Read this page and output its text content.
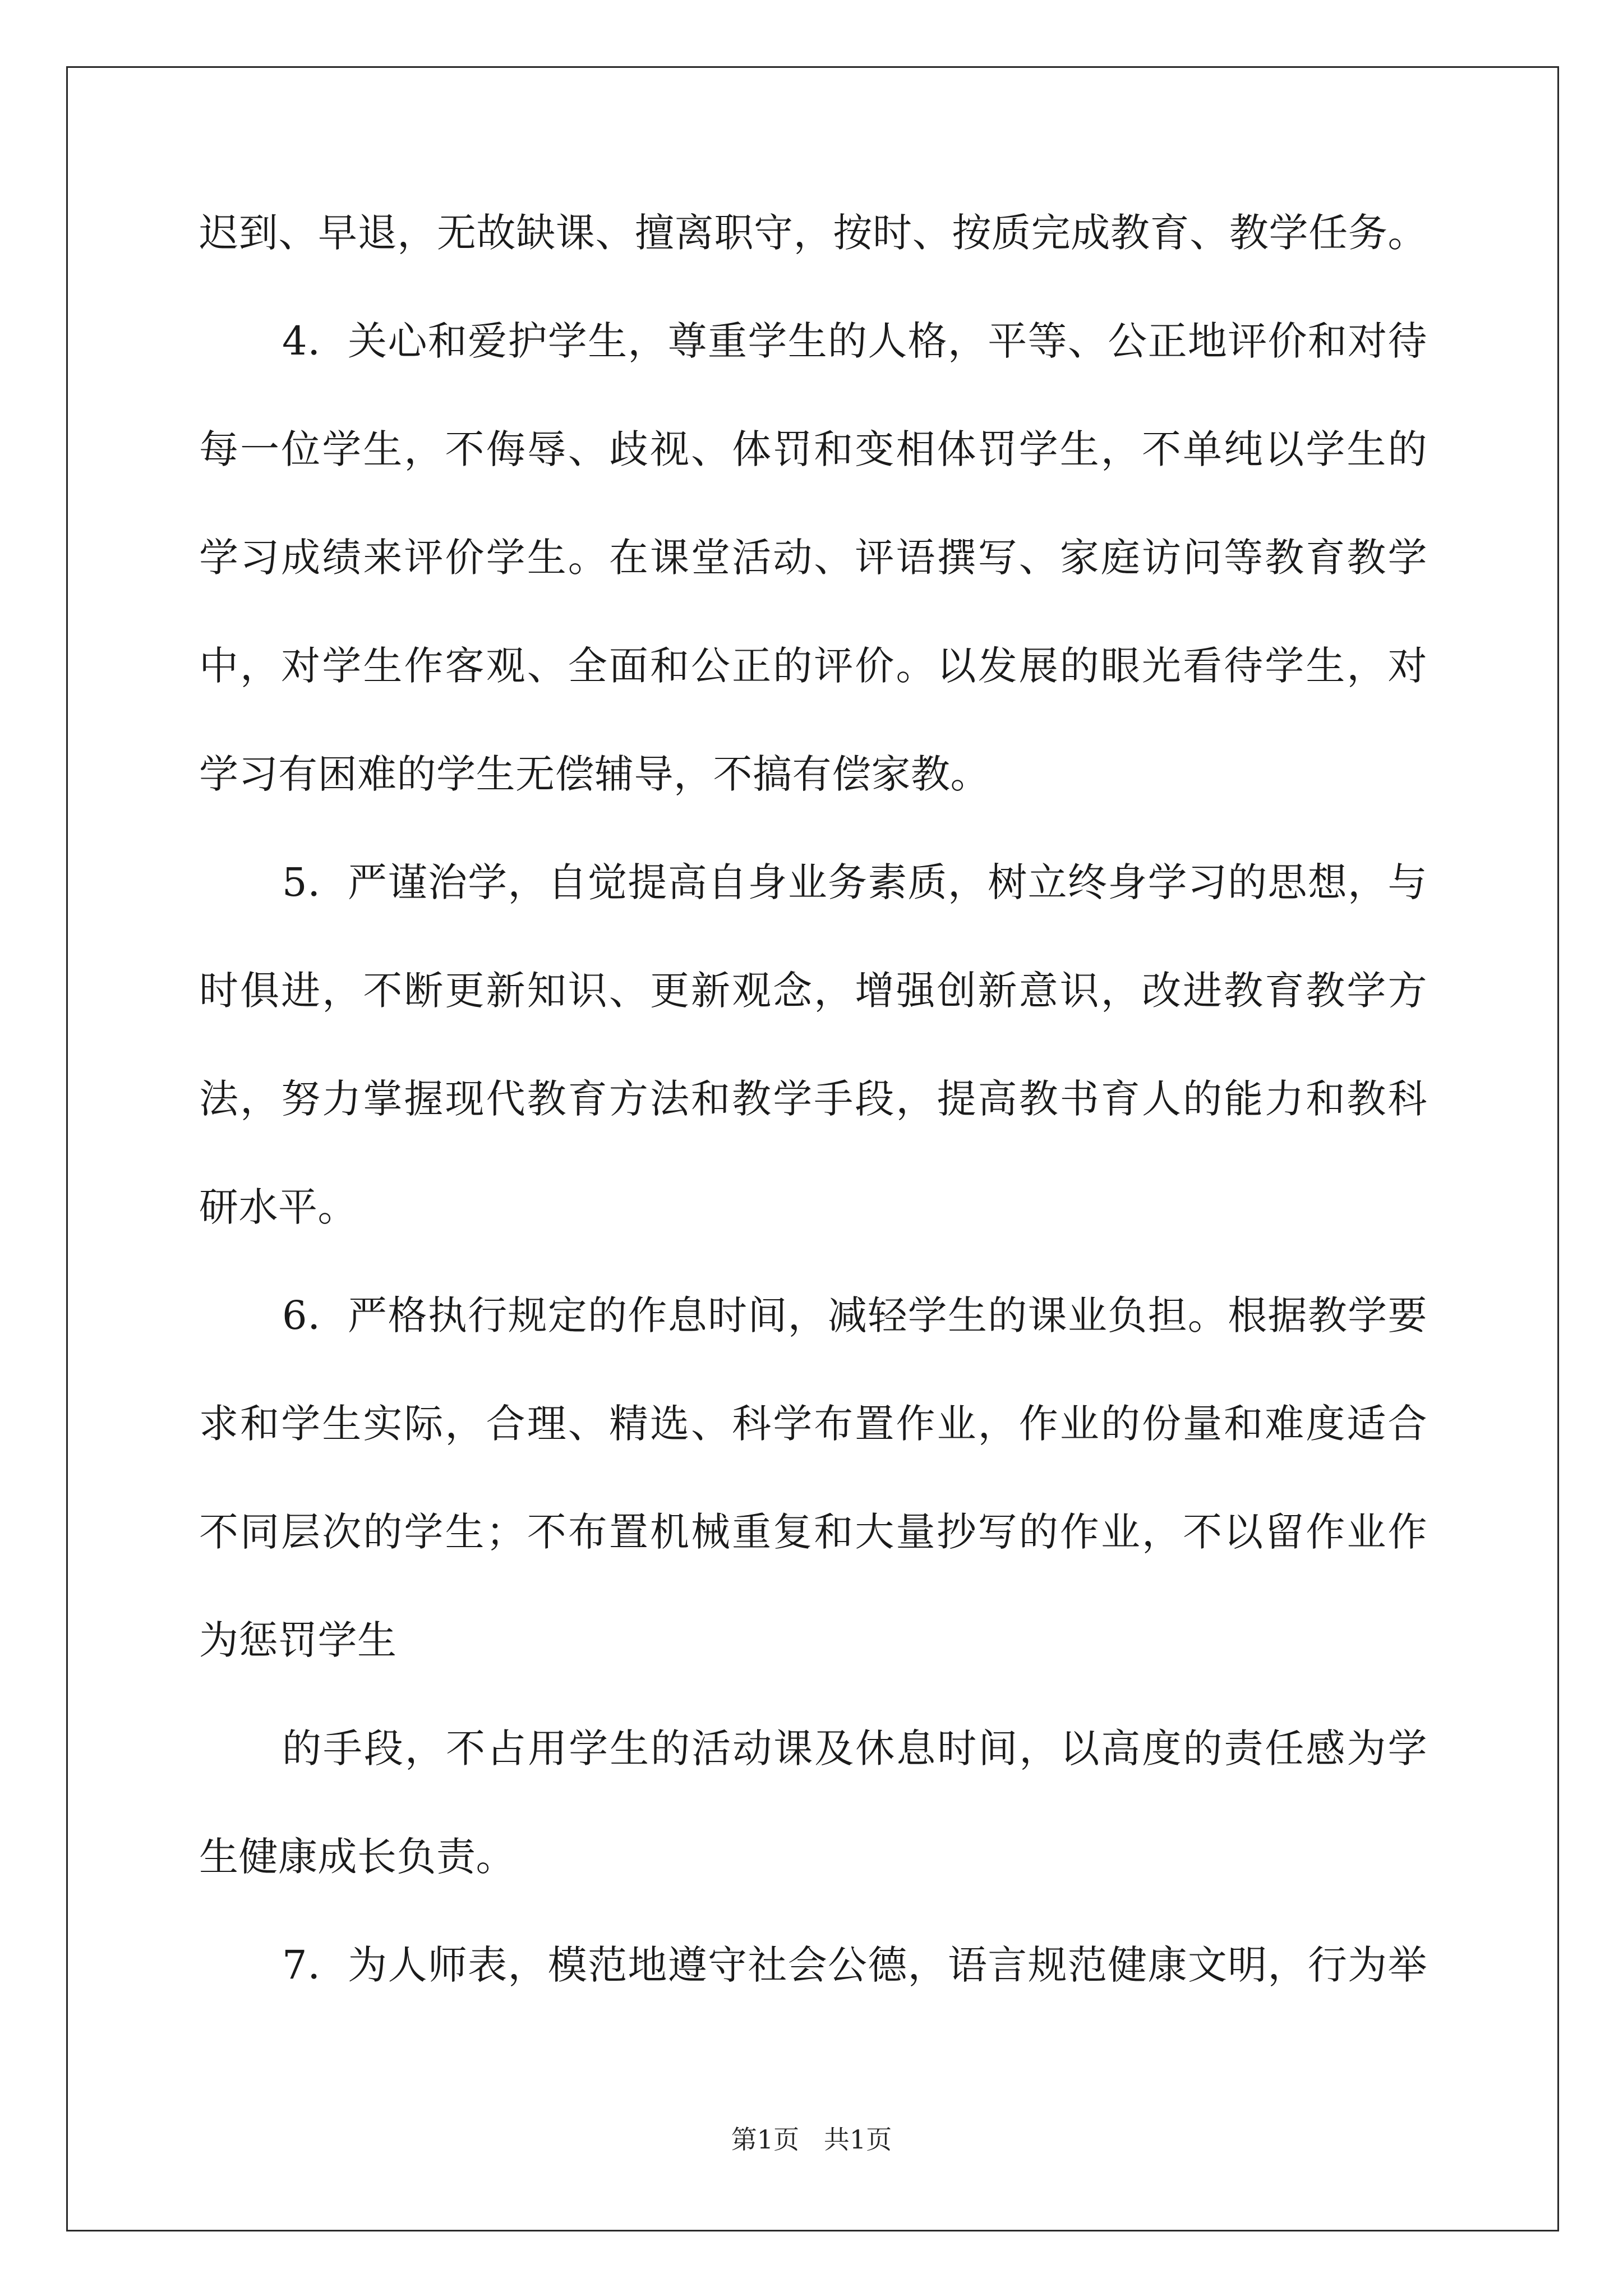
迟到、早退，无故缺课、擅离职守，按时、按质完成教育、教学任务。
4．关心和爱护学生，尊重学生的人格，平等、公正地评价和对待
每一位学生，不侮辱、歧视、体罚和变相体罚学生，不单纯以学生的
学习成绩来评价学生。在课堂活动、评语撰写、家庭访问等教育教学
中，对学生作客观、全面和公正的评价。以发展的眼光看待学生，对
学习有困难的学生无偿辅导，不搞有偿家教。
5．严谨治学，自觉提高自身业务素质，树立终身学习的思想，与
时俱进，不断更新知识、更新观念，增强创新意识，改进教育教学方
法，努力掌握现代教育方法和教学手段，提高教书育人的能力和教科
研水平。
6．严格执行规定的作息时间，减轻学生的课业负担。根据教学要
求和学生实际，合理、精选、科学布置作业，作业的份量和难度适合
不同层次的学生；不布置机械重复和大量抄写的作业，不以留作业作
为惩罚学生
的手段，不占用学生的活动课及休息时间，以高度的责任感为学
生健康成长负责。
7．为人师表，模范地遵守社会公德，语言规范健康文明，行为举
第1页   共1页
